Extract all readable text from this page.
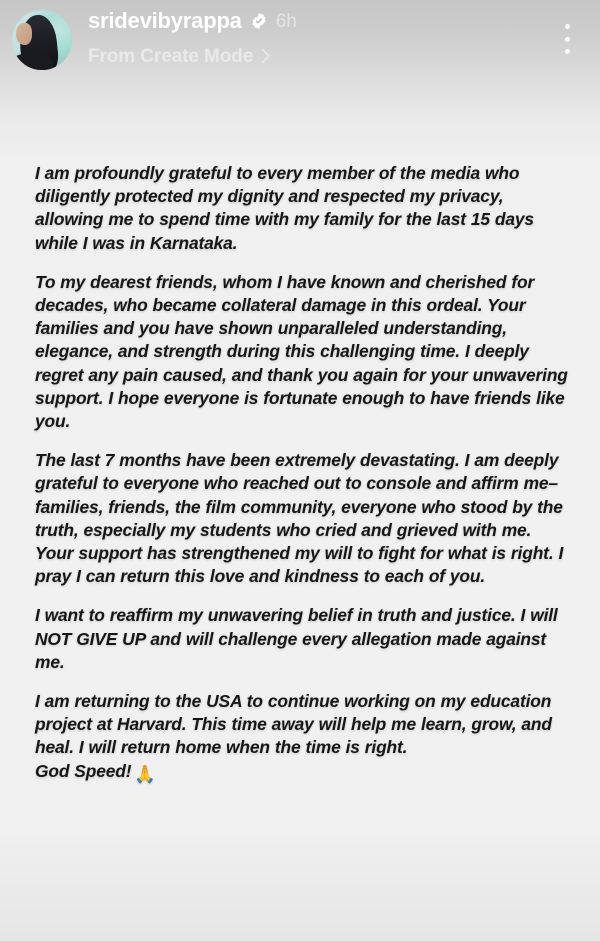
sridevibyrappa 6h
From Create Mode

I am profoundly grateful to every member of the media who diligently protected my dignity and respected my privacy, allowing me to spend time with my family for the last 15 days while I was in Karnataka.

To my dearest friends, whom I have known and cherished for decades, who became collateral damage in this ordeal. Your families and you have shown unparalleled understanding, elegance, and strength during this challenging time. I deeply regret any pain caused, and thank you again for your unwavering support. I hope everyone is fortunate enough to have friends like you.

The last 7 months have been extremely devastating. I am deeply grateful to everyone who reached out to console and affirm me–families, friends, the film community, everyone who stood by the truth, especially my students who cried and grieved with me. Your support has strengthened my will to fight for what is right. I pray I can return this love and kindness to each of you.

I want to reaffirm my unwavering belief in truth and justice. I will NOT GIVE UP and will challenge every allegation made against me.

I am returning to the USA to continue working on my education project at Harvard. This time away will help me learn, grow, and heal. I will return home when the time is right.
God Speed! 🙏
